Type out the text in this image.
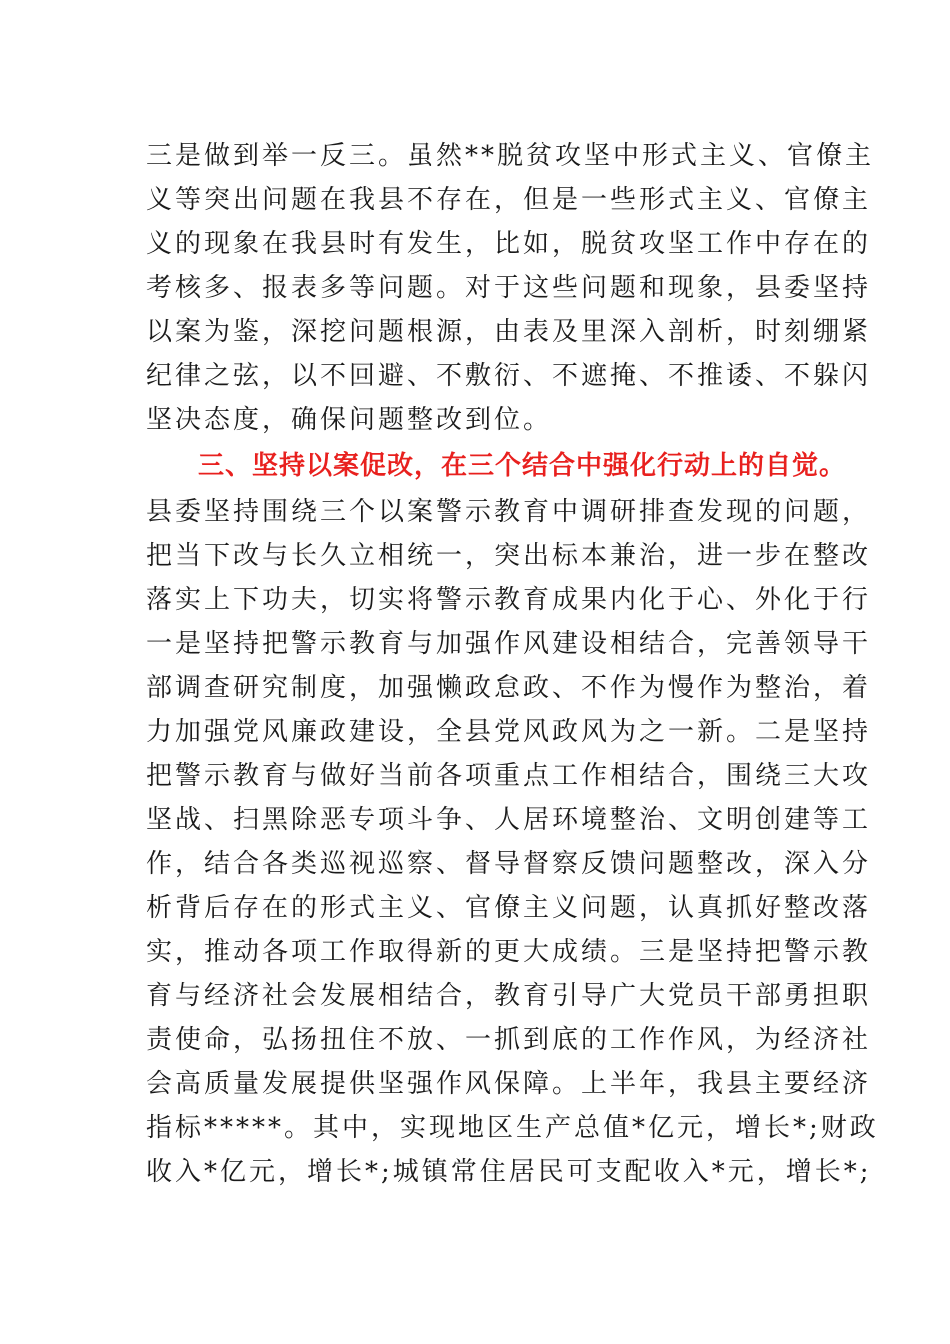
三是做到举一反三。虽然**脱贫攻坚中形式主义、官僚主
义等突出问题在我县不存在，但是一些形式主义、官僚主
义的现象在我县时有发生，比如，脱贫攻坚工作中存在的
考核多、报表多等问题。对于这些问题和现象，县委坚持
以案为鉴，深挖问题根源，由表及里深入剖析，时刻绷紧
纪律之弦，以不回避、不敷衍、不遮掩、不推诿、不躲闪
坚决态度，确保问题整改到位。
三、坚持以案促改，在三个结合中强化行动上的自觉。
县委坚持围绕三个以案警示教育中调研排查发现的问题，
把当下改与长久立相统一，突出标本兼治，进一步在整改
落实上下功夫，切实将警示教育成果内化于心、外化于行
一是坚持把警示教育与加强作风建设相结合，完善领导干
部调查研究制度，加强懒政怠政、不作为慢作为整治，着
力加强党风廉政建设，全县党风政风为之一新。二是坚持
把警示教育与做好当前各项重点工作相结合，围绕三大攻
坚战、扫黑除恶专项斗争、人居环境整治、文明创建等工
作，结合各类巡视巡察、督导督察反馈问题整改，深入分
析背后存在的形式主义、官僚主义问题，认真抓好整改落
实，推动各项工作取得新的更大成绩。三是坚持把警示教
育与经济社会发展相结合，教育引导广大党员干部勇担职
责使命，弘扬扭住不放、一抓到底的工作作风，为经济社
会高质量发展提供坚强作风保障。上半年，我县主要经济
指标*****。其中，实现地区生产总值*亿元，增长*;财政
收入*亿元，增长*;城镇常住居民可支配收入*元，增长*;
